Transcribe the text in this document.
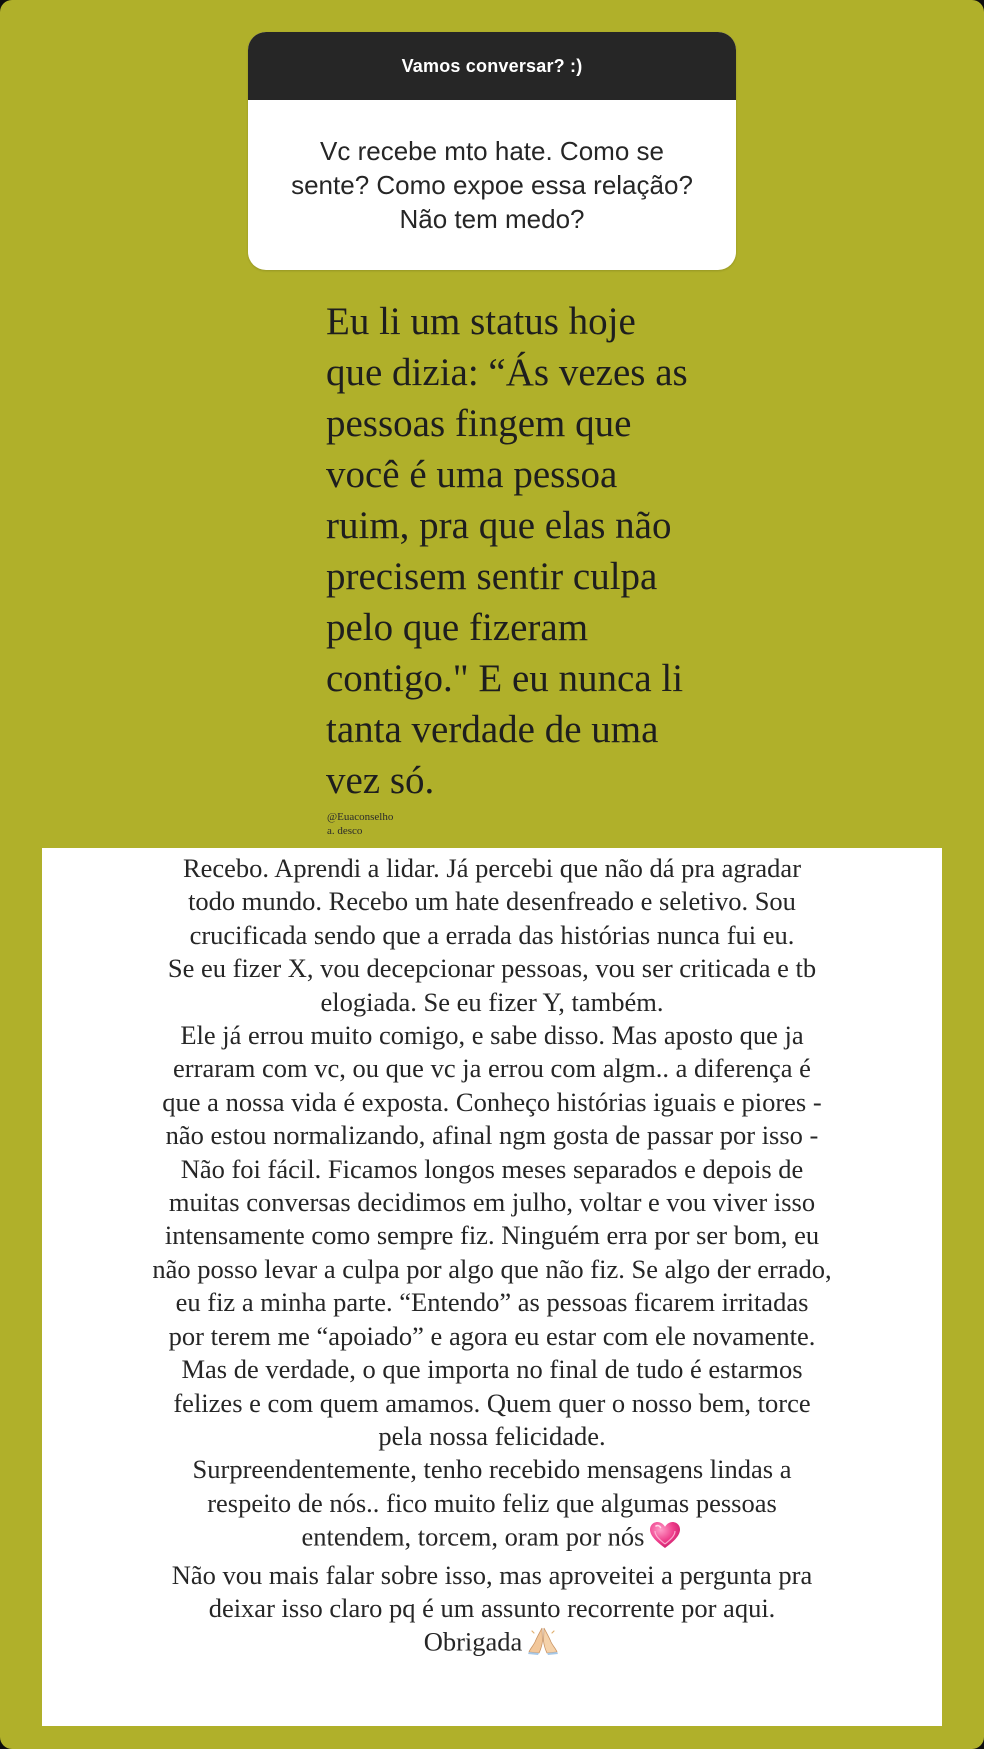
Vamos conversar? :)
Vc recebe mto hate. Como se
sente? Como expoe essa relação?
Não tem medo?
Eu li um status hoje
que dizia: “Ás vezes as
pessoas fingem que
você é uma pessoa
ruim, pra que elas não
precisem sentir culpa
pelo que fizeram
contigo." E eu nunca li
tanta verdade de uma
vez só.
@Euaconselho
a. desco
Recebo. Aprendi a lidar. Já percebi que não dá pra agradar
todo mundo. Recebo um hate desenfreado e seletivo. Sou
crucificada sendo que a errada das histórias nunca fui eu.
Se eu fizer X, vou decepcionar pessoas, vou ser criticada e tb
elogiada. Se eu fizer Y, também.
Ele já errou muito comigo, e sabe disso. Mas aposto que ja
erraram com vc, ou que vc ja errou com algm.. a diferença é
que a nossa vida é exposta. Conheço histórias iguais e piores -
não estou normalizando, afinal ngm gosta de passar por isso -
Não foi fácil. Ficamos longos meses separados e depois de
muitas conversas decidimos em julho, voltar e vou viver isso
intensamente como sempre fiz. Ninguém erra por ser bom, eu
não posso levar a culpa por algo que não fiz. Se algo der errado,
eu fiz a minha parte. “Entendo” as pessoas ficarem irritadas
por terem me “apoiado” e agora eu estar com ele novamente.
Mas de verdade, o que importa no final de tudo é estarmos
felizes e com quem amamos. Quem quer o nosso bem, torce
pela nossa felicidade.
Surpreendentemente, tenho recebido mensagens lindas a
respeito de nós.. fico muito feliz que algumas pessoas
entendem, torcem, oram por nós
Não vou mais falar sobre isso, mas aproveitei a pergunta pra
deixar isso claro pq é um assunto recorrente por aqui.
Obrigada
